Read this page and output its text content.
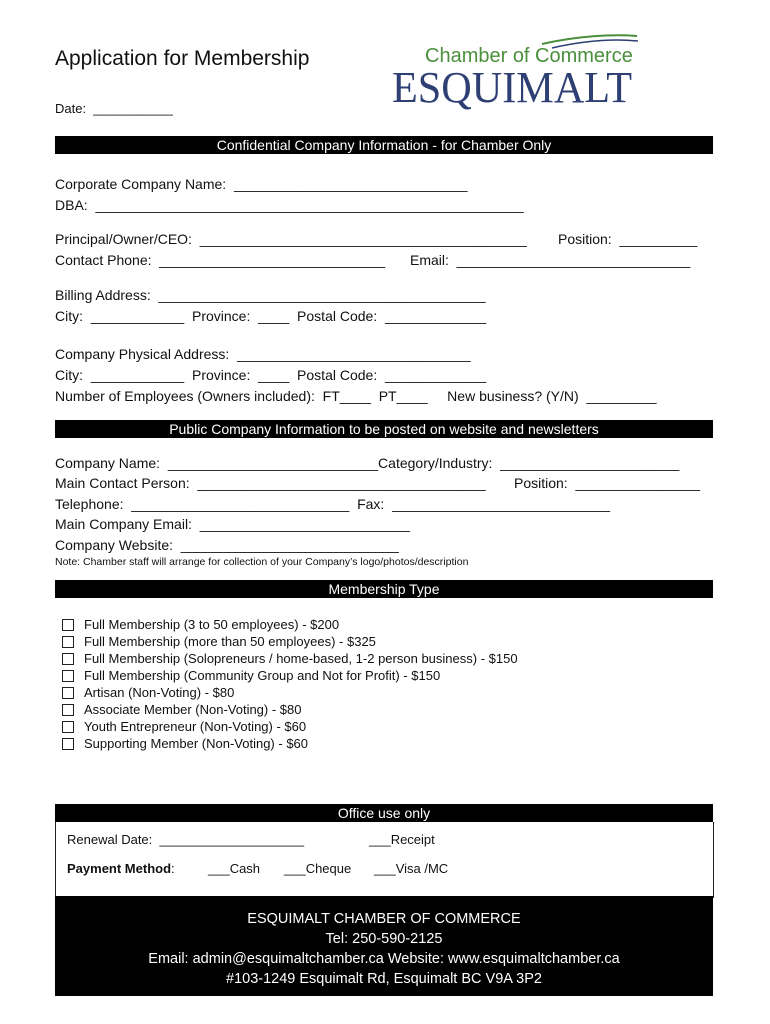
Application for Membership
Date:  ___________
Chamber of Commerce
ESQUIMALT
Confidential Company Information - for Chamber Only
Corporate Company Name:  ______________________________
DBA:  _______________________________________________________
Principal/Owner/CEO:  __________________________________________ Position:  __________
Contact Phone:  _____________________________ Email:  ______________________________
Billing Address:  __________________________________________
City:  ____________  Province:  ____  Postal Code:  _____________
Company Physical Address:  ______________________________
City:  ____________  Province:  ____  Postal Code:  _____________
Number of Employees (Owners included):  FT____  PT____     New business? (Y/N)  _________
Public Company Information to be posted on website and newsletters
Company Name:  ___________________________Category/Industry:  _______________________
Main Contact Person:  _____________________________________ Position:  ________________
Telephone:  ____________________________  Fax:  ____________________________
Main Company Email:  ___________________________
Company Website:  ____________________________
Note: Chamber staff will arrange for collection of your Company’s logo/photos/description
Membership Type
Full Membership (3 to 50 employees) - $200
Full Membership (more than 50 employees) - $325
Full Membership (Solopreneurs / home-based, 1-2 person business) - $150
Full Membership (Community Group and Not for Profit) - $150
Artisan (Non-Voting) - $80
Associate Member (Non-Voting) - $80
Youth Entrepreneur (Non-Voting) - $60
Supporting Member (Non-Voting) - $60
Office use only
Renewal Date:  ____________________	___Receipt
Payment Method:	___Cash ___Cheque ___Visa /MC
ESQUIMALT CHAMBER OF COMMERCE
Tel: 250-590-2125
Email: admin@esquimaltchamber.ca Website: www.esquimaltchamber.ca
#103-1249 Esquimalt Rd, Esquimalt BC V9A 3P2
